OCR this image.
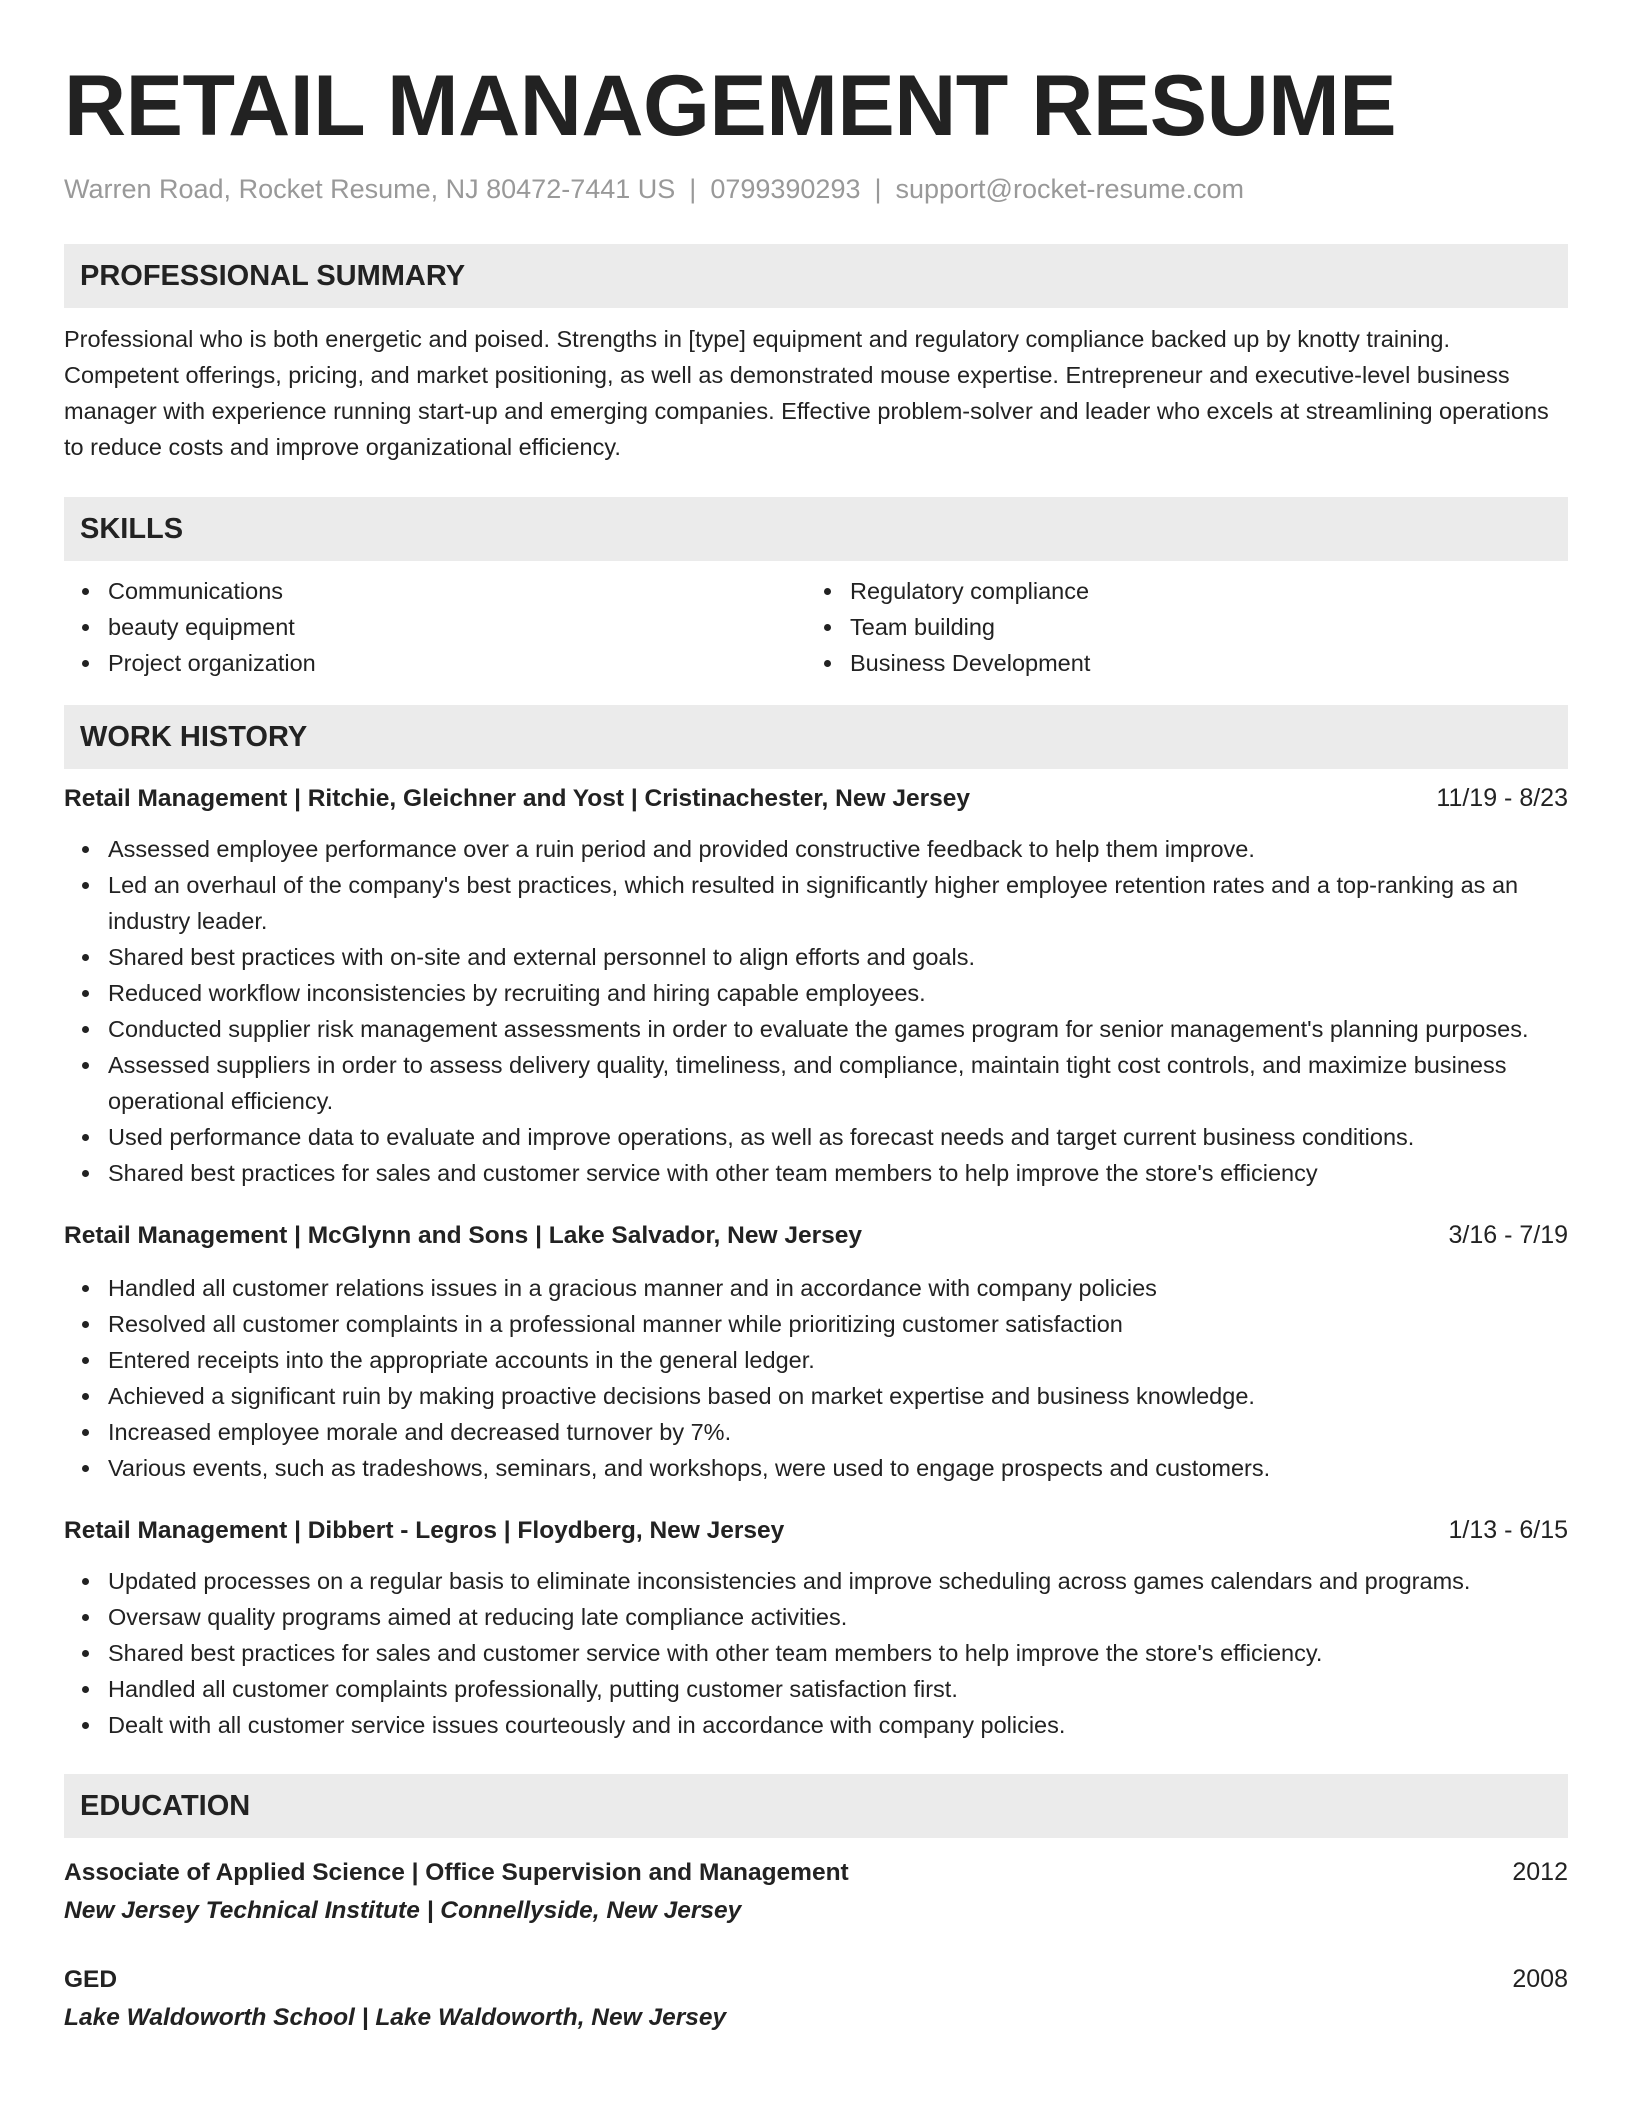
RETAIL MANAGEMENT RESUME
Warren Road, Rocket Resume, NJ 80472-7441 US | 0799390293 | support@rocket-resume.com
PROFESSIONAL SUMMARY

Professional who is both energetic and poised. Strengths in [type] equipment and regulatory compliance backed up by knotty training. Competent offerings, pricing, and market positioning, as well as demonstrated mouse expertise. Entrepreneur and executive-level business manager with experience running start-up and emerging companies. Effective problem-solver and leader who excels at streamlining operations to reduce costs and improve organizational efficiency.

SKILLS
Communications
beauty equipment
Project organization
Regulatory compliance
Team building
Business Development
WORK HISTORY
Retail Management | Ritchie, Gleichner and Yost | Cristinachester, New Jersey	11/19 - 8/23
Assessed employee performance over a ruin period and provided constructive feedback to help them improve.
Led an overhaul of the company's best practices, which resulted in significantly higher employee retention rates and a top-ranking as an industry leader.
Shared best practices with on-site and external personnel to align efforts and goals.
Reduced workflow inconsistencies by recruiting and hiring capable employees.
Conducted supplier risk management assessments in order to evaluate the games program for senior management's planning purposes.
Assessed suppliers in order to assess delivery quality, timeliness, and compliance, maintain tight cost controls, and maximize business operational efficiency.
Used performance data to evaluate and improve operations, as well as forecast needs and target current business conditions.
Shared best practices for sales and customer service with other team members to help improve the store's efficiency
Retail Management | McGlynn and Sons | Lake Salvador, New Jersey	3/16 - 7/19
Handled all customer relations issues in a gracious manner and in accordance with company policies
Resolved all customer complaints in a professional manner while prioritizing customer satisfaction
Entered receipts into the appropriate accounts in the general ledger.
Achieved a significant ruin by making proactive decisions based on market expertise and business knowledge.
Increased employee morale and decreased turnover by 7%.
Various events, such as tradeshows, seminars, and workshops, were used to engage prospects and customers.
Retail Management | Dibbert - Legros | Floydberg, New Jersey	1/13 - 6/15
Updated processes on a regular basis to eliminate inconsistencies and improve scheduling across games calendars and programs.
Oversaw quality programs aimed at reducing late compliance activities.
Shared best practices for sales and customer service with other team members to help improve the store's efficiency.
Handled all customer complaints professionally, putting customer satisfaction first.
Dealt with all customer service issues courteously and in accordance with company policies.
EDUCATION
Associate of Applied Science | Office Supervision and Management	2012
New Jersey Technical Institute | Connellyside, New Jersey
GED	2008
Lake Waldoworth School | Lake Waldoworth, New Jersey
